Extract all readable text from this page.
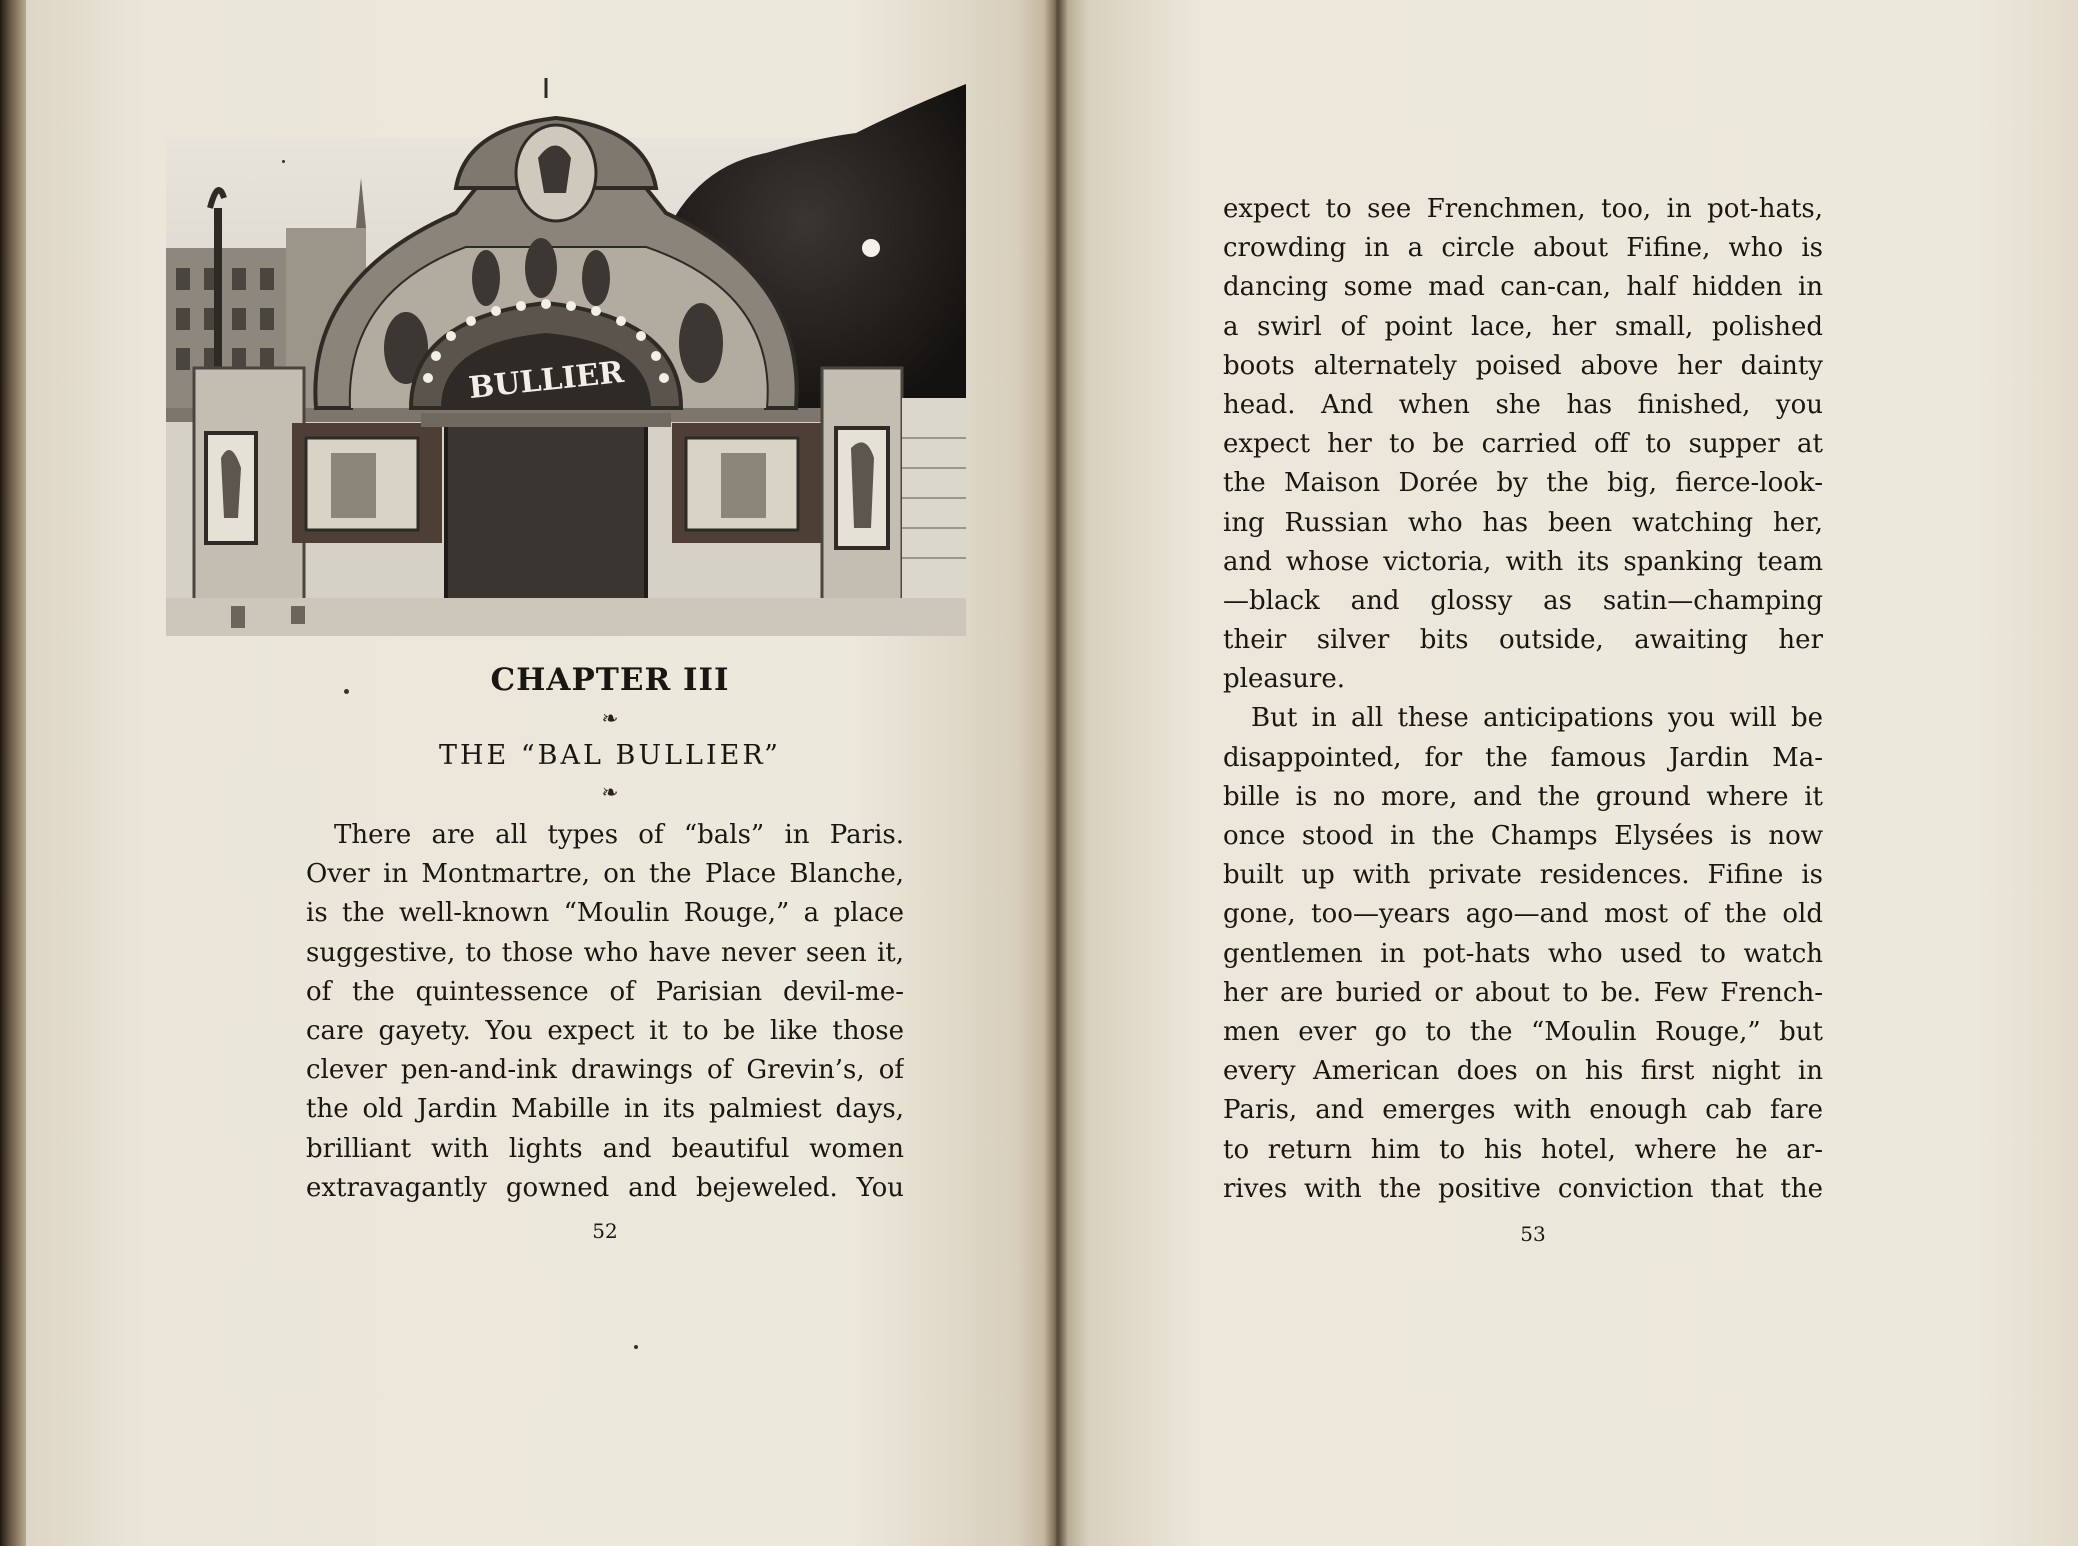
BULLIER
CHAPTER III
❧
THE “BAL BULLIER”
❧
There are all types of “bals” in Paris.
Over in Montmartre, on the Place Blanche,
is the well-known “Moulin Rouge,” a place
suggestive, to those who have never seen it,
of the quintessence of Parisian devil-me-
care gayety. You expect it to be like those
clever pen-and-ink drawings of Grevin’s, of
the old Jardin Mabille in its palmiest days,
brilliant with lights and beautiful women
extravagantly gowned and bejeweled. You
52
expect to see Frenchmen, too, in pot-hats,
crowding in a circle about Fifine, who is
dancing some mad can-can, half hidden in
a swirl of point lace, her small, polished
boots alternately poised above her dainty
head. And when she has finished, you
expect her to be carried off to supper at
the Maison Dorée by the big, fierce-look-
ing Russian who has been watching her,
and whose victoria, with its spanking team
—black and glossy as satin—champing
their silver bits outside, awaiting her
pleasure.
But in all these anticipations you will be
disappointed, for the famous Jardin Ma-
bille is no more, and the ground where it
once stood in the Champs Elysées is now
built up with private residences. Fifine is
gone, too—years ago—and most of the old
gentlemen in pot-hats who used to watch
her are buried or about to be. Few French-
men ever go to the “Moulin Rouge,” but
every American does on his first night in
Paris, and emerges with enough cab fare
to return him to his hotel, where he ar-
rives with the positive conviction that the
53
